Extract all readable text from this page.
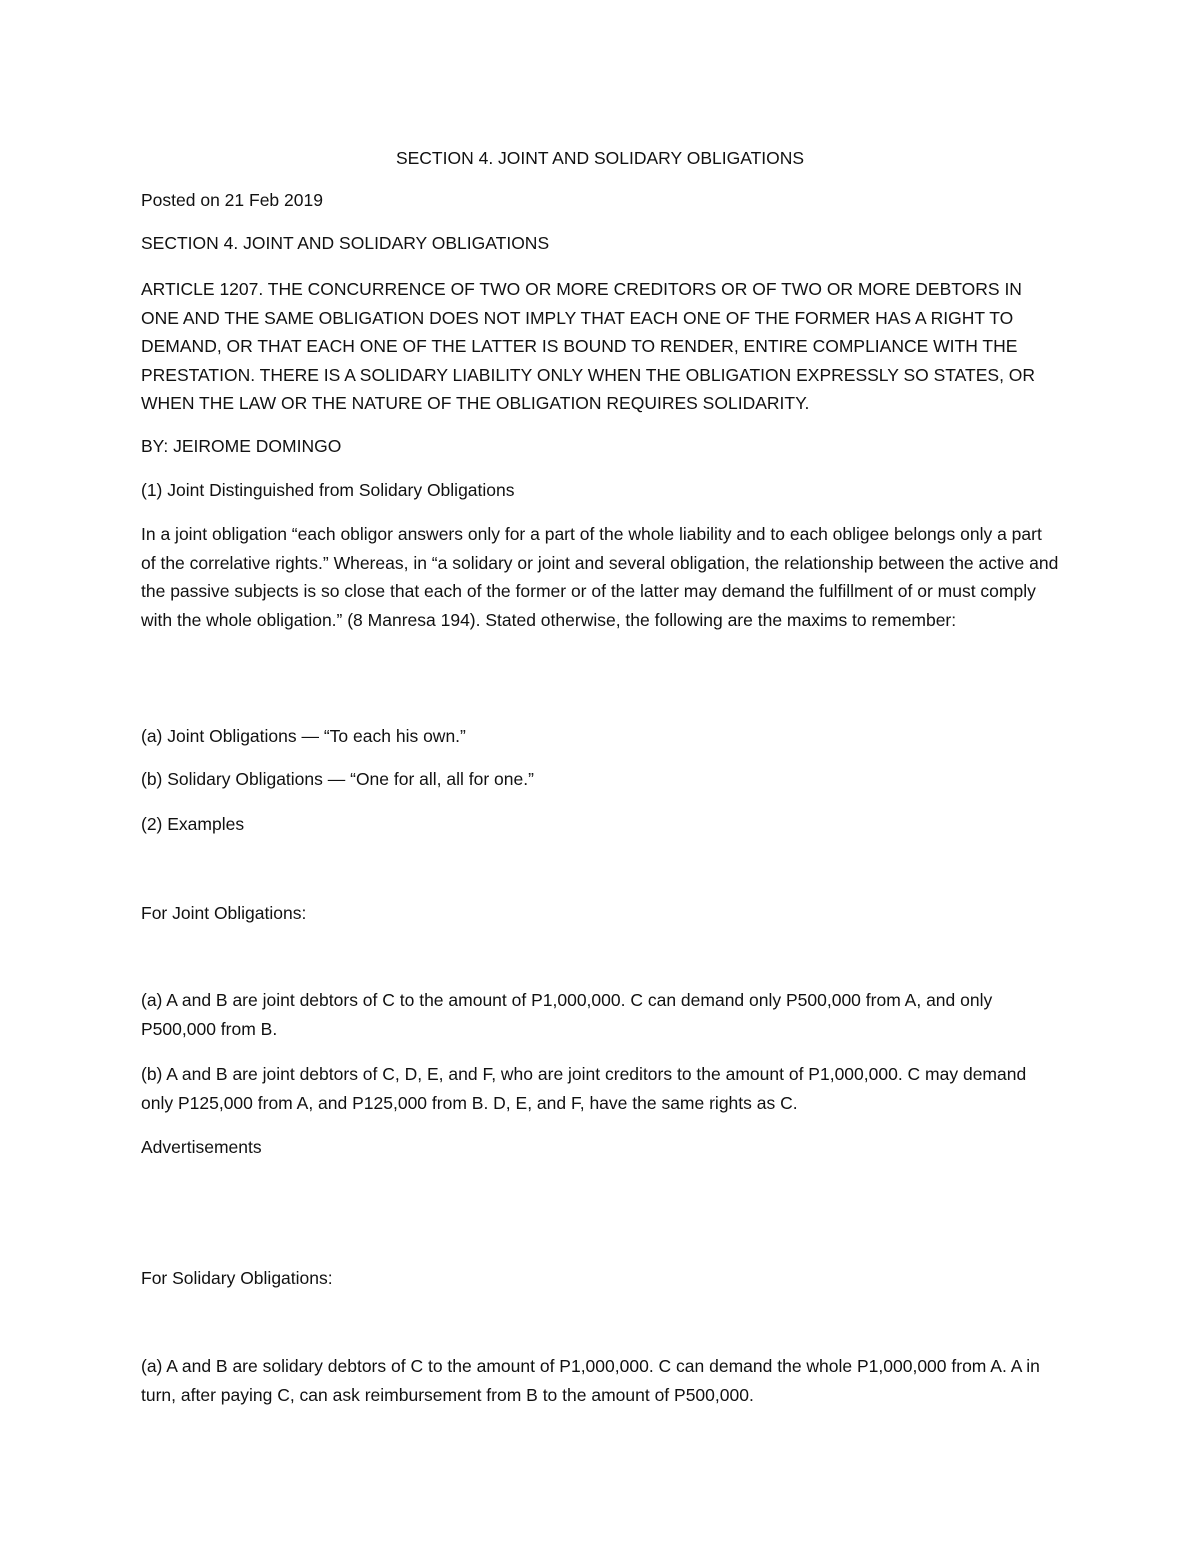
SECTION 4. JOINT AND SOLIDARY OBLIGATIONS

Posted on 21 Feb 2019

SECTION 4. JOINT AND SOLIDARY OBLIGATIONS

ARTICLE 1207. THE CONCURRENCE OF TWO OR MORE CREDITORS OR OF TWO OR MORE DEBTORS IN ONE AND THE SAME OBLIGATION DOES NOT IMPLY THAT EACH ONE OF THE FORMER HAS A RIGHT TO DEMAND, OR THAT EACH ONE OF THE LATTER IS BOUND TO RENDER, ENTIRE COMPLIANCE WITH THE PRESTATION. THERE IS A SOLIDARY LIABILITY ONLY WHEN THE OBLIGATION EXPRESSLY SO STATES, OR WHEN THE LAW OR THE NATURE OF THE OBLIGATION REQUIRES SOLIDARITY.

BY: JEIROME DOMINGO

(1) Joint Distinguished from Solidary Obligations

In a joint obligation “each obligor answers only for a part of the whole liability and to each obligee belongs only a part of the correlative rights.” Whereas, in “a solidary or joint and several obligation, the relationship between the active and the passive subjects is so close that each of the former or of the latter may demand the fulfillment of or must comply with the whole obligation.” (8 Manresa 194). Stated otherwise, the following are the maxims to remember:

(a) Joint Obligations — “To each his own.”

(b) Solidary Obligations — “One for all, all for one.”

(2) Examples

For Joint Obligations:

(a) A and B are joint debtors of C to the amount of P1,000,000. C can demand only P500,000 from A, and only P500,000 from B.

(b) A and B are joint debtors of C, D, E, and F, who are joint creditors to the amount of P1,000,000. C may demand only P125,000 from A, and P125,000 from B. D, E, and F, have the same rights as C.

Advertisements

For Solidary Obligations:

(a) A and B are solidary debtors of C to the amount of P1,000,000. C can demand the whole P1,000,000 from A. A in turn, after paying C, can ask reimbursement from B to the amount of P500,000.
